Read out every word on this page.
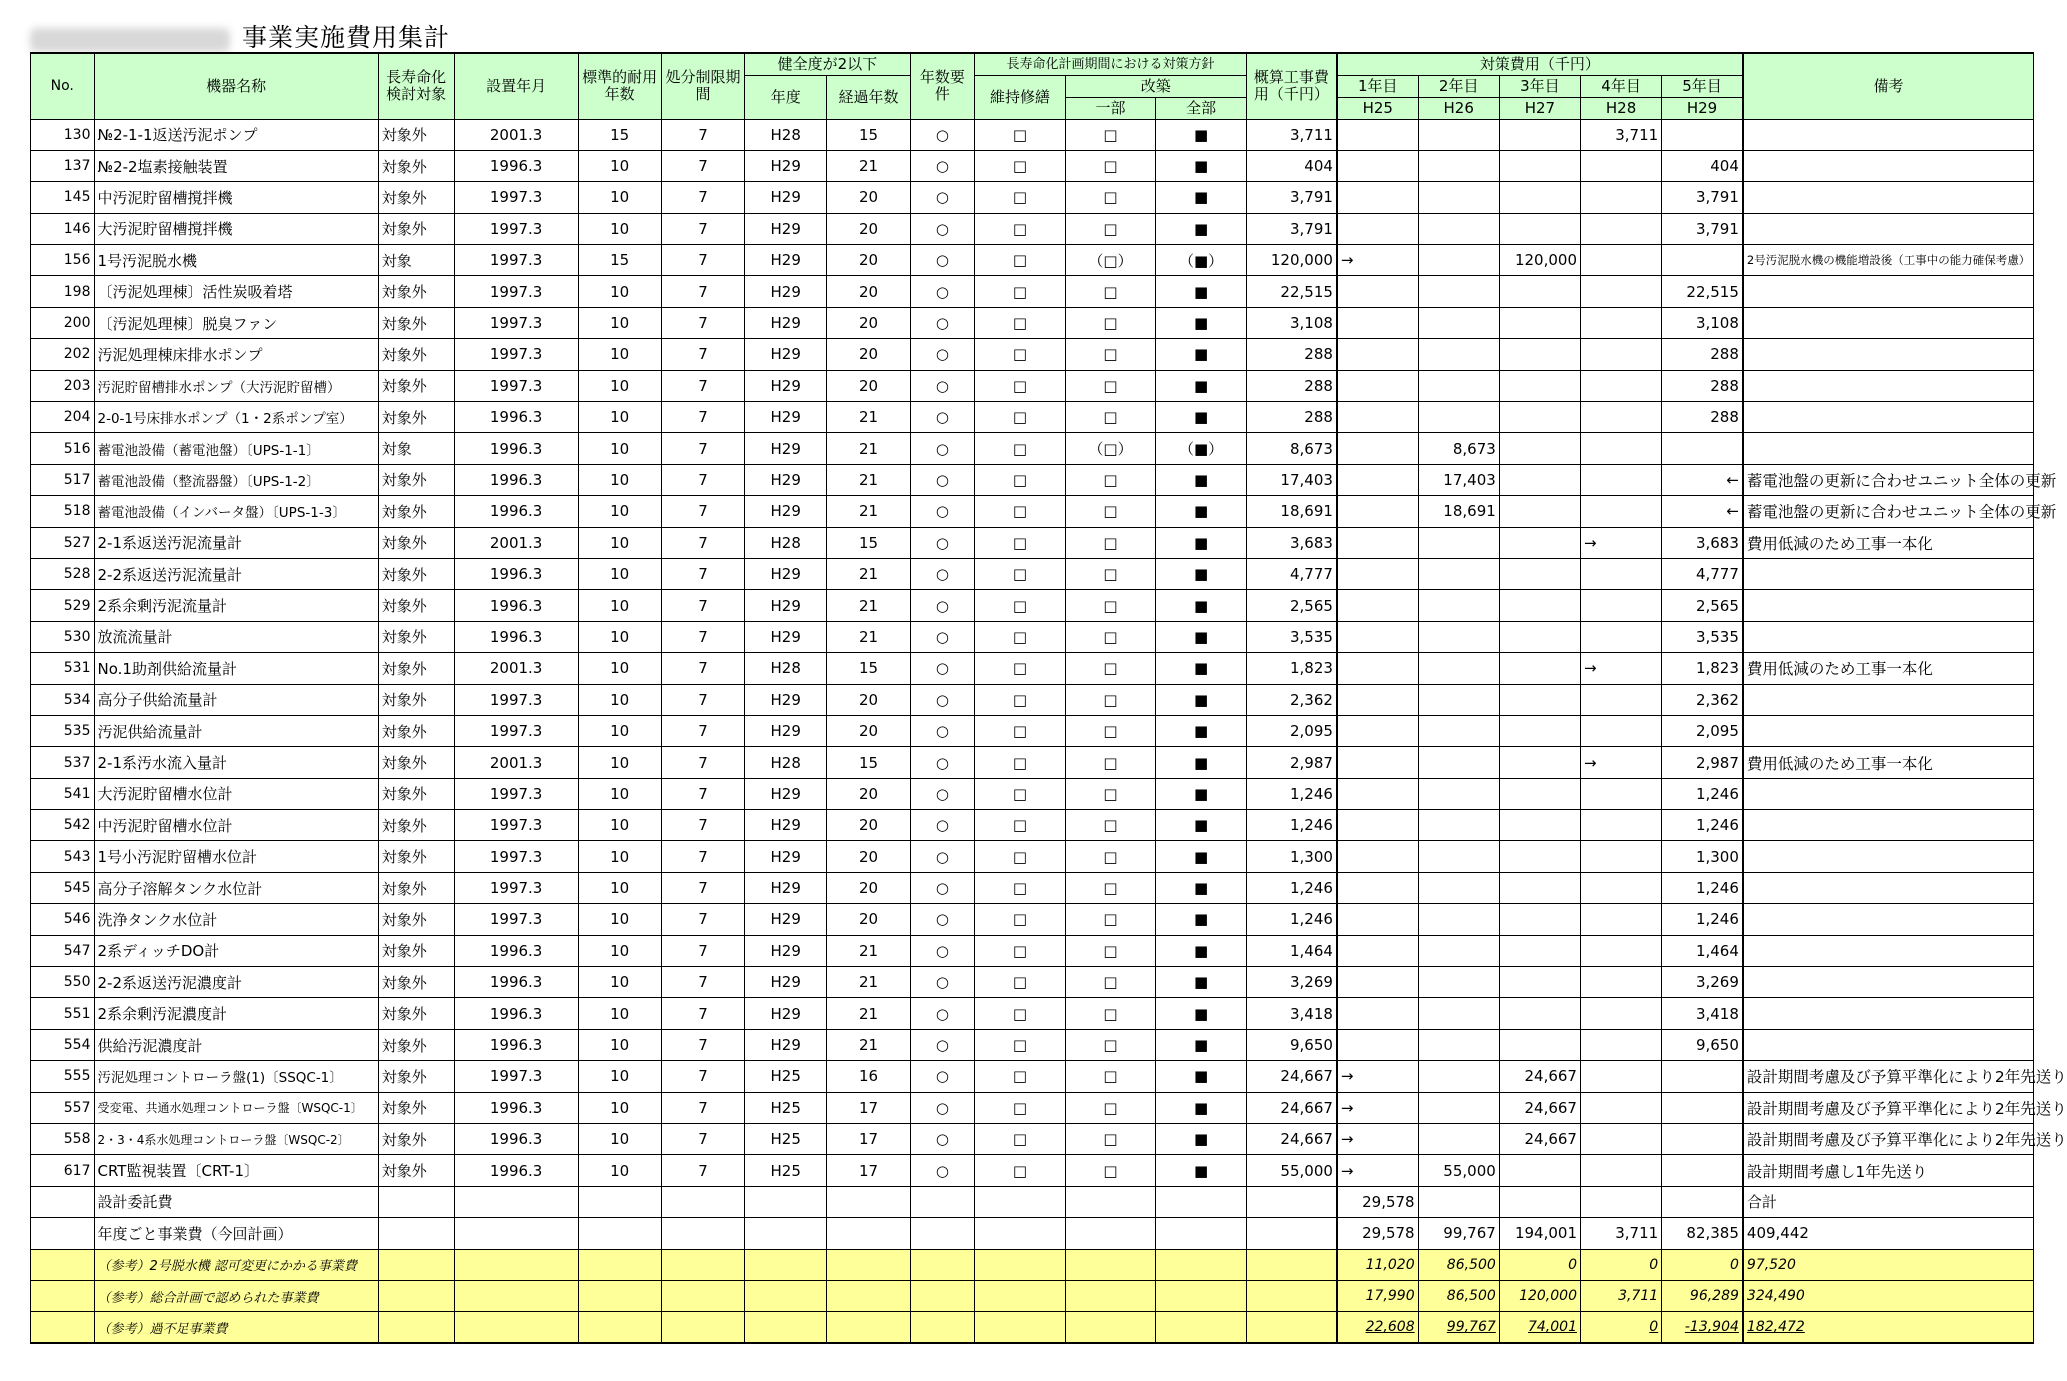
事業実施費用集計
No.	機器名称	長寿命化検討対象	設置年月	標準的耐用年数	処分制限期間	健全度が2以下		年数要件	長寿命化計画期間における対策方針			概算工事費用（千円）	対策費用（千円）					備考
						年度	経過年数		維持修繕	改築			1年目	2年目	3年目	4年目	5年目	
										一部	全部		H25	H26	H27	H28	H29	
130	№2-1-1返送汚泥ポンプ	対象外	2001.3	15	7	H28	15	○	□	□	■	3,711				3,711		
137	№2-2塩素接触装置	対象外	1996.3	10	7	H29	21	○	□	□	■	404					404	
145	中汚泥貯留槽撹拌機	対象外	1997.3	10	7	H29	20	○	□	□	■	3,791					3,791	
146	大汚泥貯留槽撹拌機	対象外	1997.3	10	7	H29	20	○	□	□	■	3,791					3,791	
156	1号汚泥脱水機	対象	1997.3	15	7	H29	20	○	□	（□）	（■）	120,000	→		120,000			2号汚泥脱水機の機能増設後（工事中の能力確保考慮）
198	〔汚泥処理棟〕活性炭吸着塔	対象外	1997.3	10	7	H29	20	○	□	□	■	22,515					22,515	
200	〔汚泥処理棟〕脱臭ファン	対象外	1997.3	10	7	H29	20	○	□	□	■	3,108					3,108	
202	汚泥処理棟床排水ポンプ	対象外	1997.3	10	7	H29	20	○	□	□	■	288					288	
203	汚泥貯留槽排水ポンプ（大汚泥貯留槽）	対象外	1997.3	10	7	H29	20	○	□	□	■	288					288	
204	2-0-1号床排水ポンプ（1・2系ポンプ室）	対象外	1996.3	10	7	H29	21	○	□	□	■	288					288	
516	蓄電池設備（蓄電池盤）〔UPS-1-1〕	対象	1996.3	10	7	H29	21	○	□	（□）	（■）	8,673		8,673				
517	蓄電池設備（整流器盤）〔UPS-1-2〕	対象外	1996.3	10	7	H29	21	○	□	□	■	17,403		17,403			←	蓄電池盤の更新に合わせユニット全体の更新
518	蓄電池設備（インバータ盤）〔UPS-1-3〕	対象外	1996.3	10	7	H29	21	○	□	□	■	18,691		18,691			←	蓄電池盤の更新に合わせユニット全体の更新
527	2-1系返送汚泥流量計	対象外	2001.3	10	7	H28	15	○	□	□	■	3,683				→	3,683	費用低減のため工事一本化
528	2-2系返送汚泥流量計	対象外	1996.3	10	7	H29	21	○	□	□	■	4,777					4,777	
529	2系余剰汚泥流量計	対象外	1996.3	10	7	H29	21	○	□	□	■	2,565					2,565	
530	放流流量計	対象外	1996.3	10	7	H29	21	○	□	□	■	3,535					3,535	
531	No.1助剤供給流量計	対象外	2001.3	10	7	H28	15	○	□	□	■	1,823				→	1,823	費用低減のため工事一本化
534	高分子供給流量計	対象外	1997.3	10	7	H29	20	○	□	□	■	2,362					2,362	
535	汚泥供給流量計	対象外	1997.3	10	7	H29	20	○	□	□	■	2,095					2,095	
537	2-1系汚水流入量計	対象外	2001.3	10	7	H28	15	○	□	□	■	2,987				→	2,987	費用低減のため工事一本化
541	大汚泥貯留槽水位計	対象外	1997.3	10	7	H29	20	○	□	□	■	1,246					1,246	
542	中汚泥貯留槽水位計	対象外	1997.3	10	7	H29	20	○	□	□	■	1,246					1,246	
543	1号小汚泥貯留槽水位計	対象外	1997.3	10	7	H29	20	○	□	□	■	1,300					1,300	
545	高分子溶解タンク水位計	対象外	1997.3	10	7	H29	20	○	□	□	■	1,246					1,246	
546	洗浄タンク水位計	対象外	1997.3	10	7	H29	20	○	□	□	■	1,246					1,246	
547	2系ディッチDO計	対象外	1996.3	10	7	H29	21	○	□	□	■	1,464					1,464	
550	2-2系返送汚泥濃度計	対象外	1996.3	10	7	H29	21	○	□	□	■	3,269					3,269	
551	2系余剰汚泥濃度計	対象外	1996.3	10	7	H29	21	○	□	□	■	3,418					3,418	
554	供給汚泥濃度計	対象外	1996.3	10	7	H29	21	○	□	□	■	9,650					9,650	
555	汚泥処理コントローラ盤(1)〔SSQC-1〕	対象外	1997.3	10	7	H25	16	○	□	□	■	24,667	→		24,667			設計期間考慮及び予算平準化により2年先送り
557	受変電、共通水処理コントローラ盤〔WSQC-1〕	対象外	1996.3	10	7	H25	17	○	□	□	■	24,667	→		24,667			設計期間考慮及び予算平準化により2年先送り
558	2・3・4系水処理コントローラ盤〔WSQC-2〕	対象外	1996.3	10	7	H25	17	○	□	□	■	24,667	→		24,667			設計期間考慮及び予算平準化により2年先送り
617	CRT監視装置〔CRT-1〕	対象外	1996.3	10	7	H25	17	○	□	□	■	55,000	→	55,000				設計期間考慮し1年先送り
	設計委託費												29,578					合計
	年度ごと事業費（今回計画）												29,578	99,767	194,001	3,711	82,385	409,442
	（参考）2号脱水機 認可変更にかかる事業費												11,020	86,500	0	0	0	97,520
	（参考）総合計画で認められた事業費												17,990	86,500	120,000	3,711	96,289	324,490
	（参考）過不足事業費												22,608	99,767	74,001	0	-13,904	182,472
